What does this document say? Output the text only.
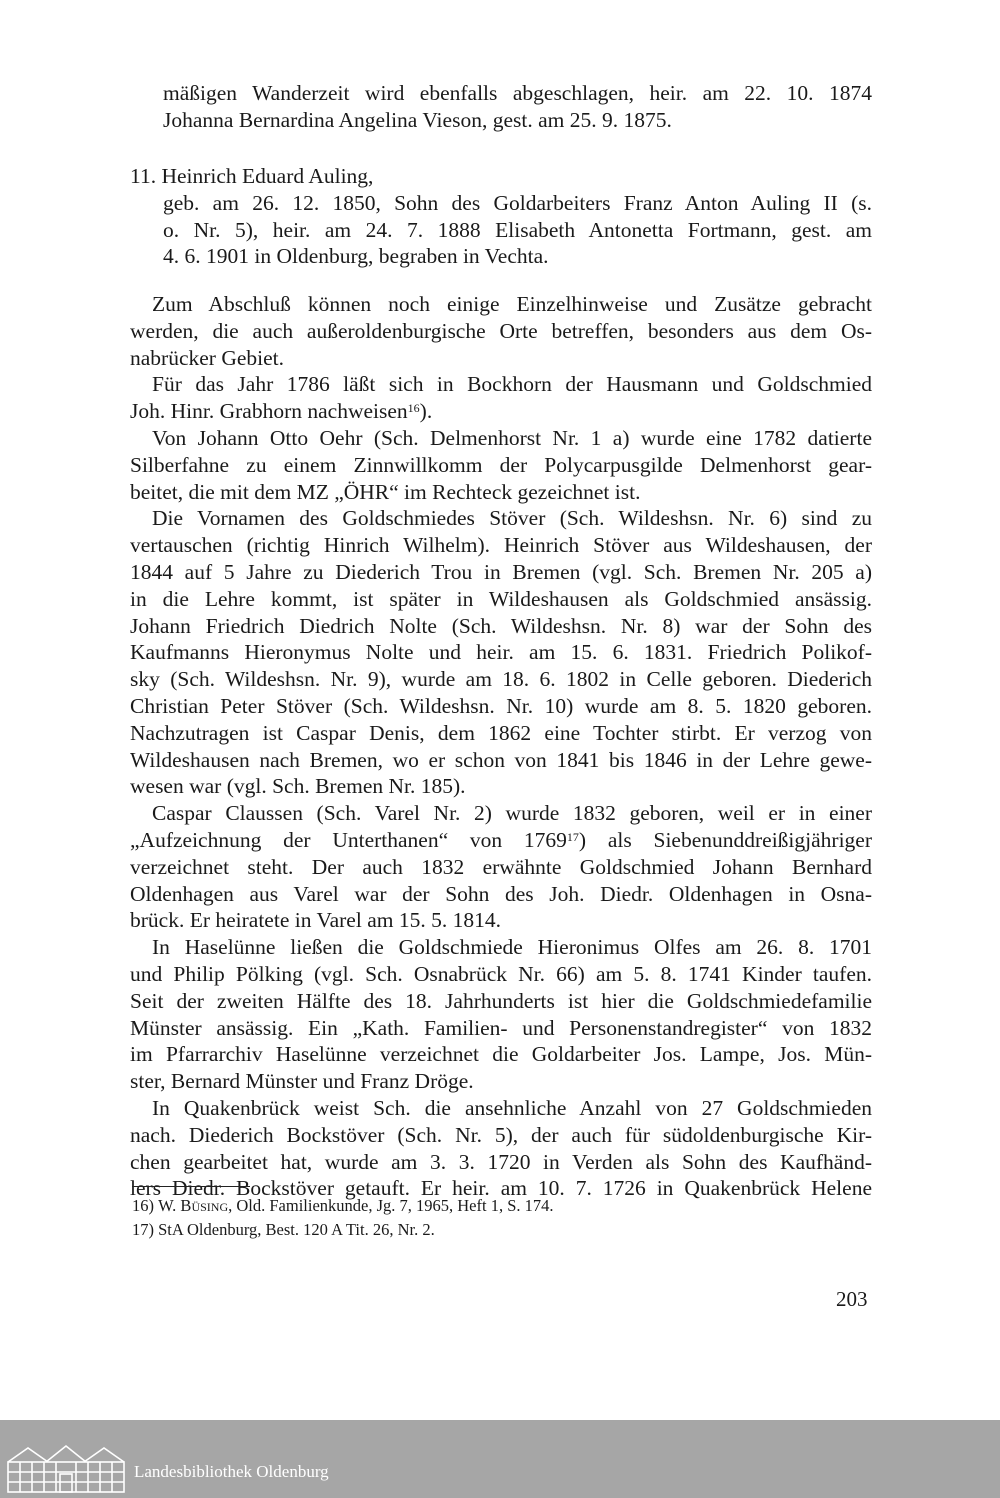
mäßigen Wanderzeit wird ebenfalls abgeschlagen, heir. am 22. 10. 1874
Johanna Bernardina Angelina Vieson, gest. am 25. 9. 1875.
11. Heinrich Eduard Auling,
geb. am 26. 12. 1850, Sohn des Goldarbeiters Franz Anton Auling II (s.
o. Nr. 5), heir. am 24. 7. 1888 Elisabeth Antonetta Fortmann, gest. am
4. 6. 1901 in Oldenburg, begraben in Vechta.
Zum Abschluß können noch einige Einzelhinweise und Zusätze gebracht
werden, die auch außeroldenburgische Orte betreffen, besonders aus dem Os-
nabrücker Gebiet.
Für das Jahr 1786 läßt sich in Bockhorn der Hausmann und Goldschmied
Joh. Hinr. Grabhorn nachweisen$^{16}$).
Von Johann Otto Oehr (Sch. Delmenhorst Nr. 1 a) wurde eine 1782 datierte
Silberfahne zu einem Zinnwillkomm der Polycarpusgilde Delmenhorst gear-
beitet, die mit dem MZ „ÖHR“ im Rechteck gezeichnet ist.
Die Vornamen des Goldschmiedes Stöver (Sch. Wildeshsn. Nr. 6) sind zu
vertauschen (richtig Hinrich Wilhelm). Heinrich Stöver aus Wildeshausen, der
1844 auf 5 Jahre zu Diederich Trou in Bremen (vgl. Sch. Bremen Nr. 205 a)
in die Lehre kommt, ist später in Wildeshausen als Goldschmied ansässig.
Johann Friedrich Diedrich Nolte (Sch. Wildeshsn. Nr. 8) war der Sohn des
Kaufmanns Hieronymus Nolte und heir. am 15. 6. 1831. Friedrich Polikof-
sky (Sch. Wildeshsn. Nr. 9), wurde am 18. 6. 1802 in Celle geboren. Diederich
Christian Peter Stöver (Sch. Wildeshsn. Nr. 10) wurde am 8. 5. 1820 geboren.
Nachzutragen ist Caspar Denis, dem 1862 eine Tochter stirbt. Er verzog von
Wildeshausen nach Bremen, wo er schon von 1841 bis 1846 in der Lehre gewe-
wesen war (vgl. Sch. Bremen Nr. 185).
Caspar Claussen (Sch. Varel Nr. 2) wurde 1832 geboren, weil er in einer
„Aufzeichnung der Unterthanen“ von 1769$^{17}$) als Siebenunddreißigjähriger
verzeichnet steht. Der auch 1832 erwähnte Goldschmied Johann Bernhard
Oldenhagen aus Varel war der Sohn des Joh. Diedr. Oldenhagen in Osna-
brück. Er heiratete in Varel am 15. 5. 1814.
In Haselünne ließen die Goldschmiede Hieronimus Olfes am 26. 8. 1701
und Philip Pölking (vgl. Sch. Osnabrück Nr. 66) am 5. 8. 1741 Kinder taufen.
Seit der zweiten Hälfte des 18. Jahrhunderts ist hier die Goldschmiedefamilie
Münster ansässig. Ein „Kath. Familien- und Personenstandregister“ von 1832
im Pfarrarchiv Haselünne verzeichnet die Goldarbeiter Jos. Lampe, Jos. Mün-
ster, Bernard Münster und Franz Dröge.
In Quakenbrück weist Sch. die ansehnliche Anzahl von 27 Goldschmieden
nach. Diederich Bockstöver (Sch. Nr. 5), der auch für südoldenburgische Kir-
chen gearbeitet hat, wurde am 3. 3. 1720 in Verden als Sohn des Kaufhänd-
lers Diedr. Bockstöver getauft. Er heir. am 10. 7. 1726 in Quakenbrück Helene
16) W. Büsing, Old. Familienkunde, Jg. 7, 1965, Heft 1, S. 174.
17) StA Oldenburg, Best. 120 A Tit. 26, Nr. 2.
203
Landesbibliothek Oldenburg
